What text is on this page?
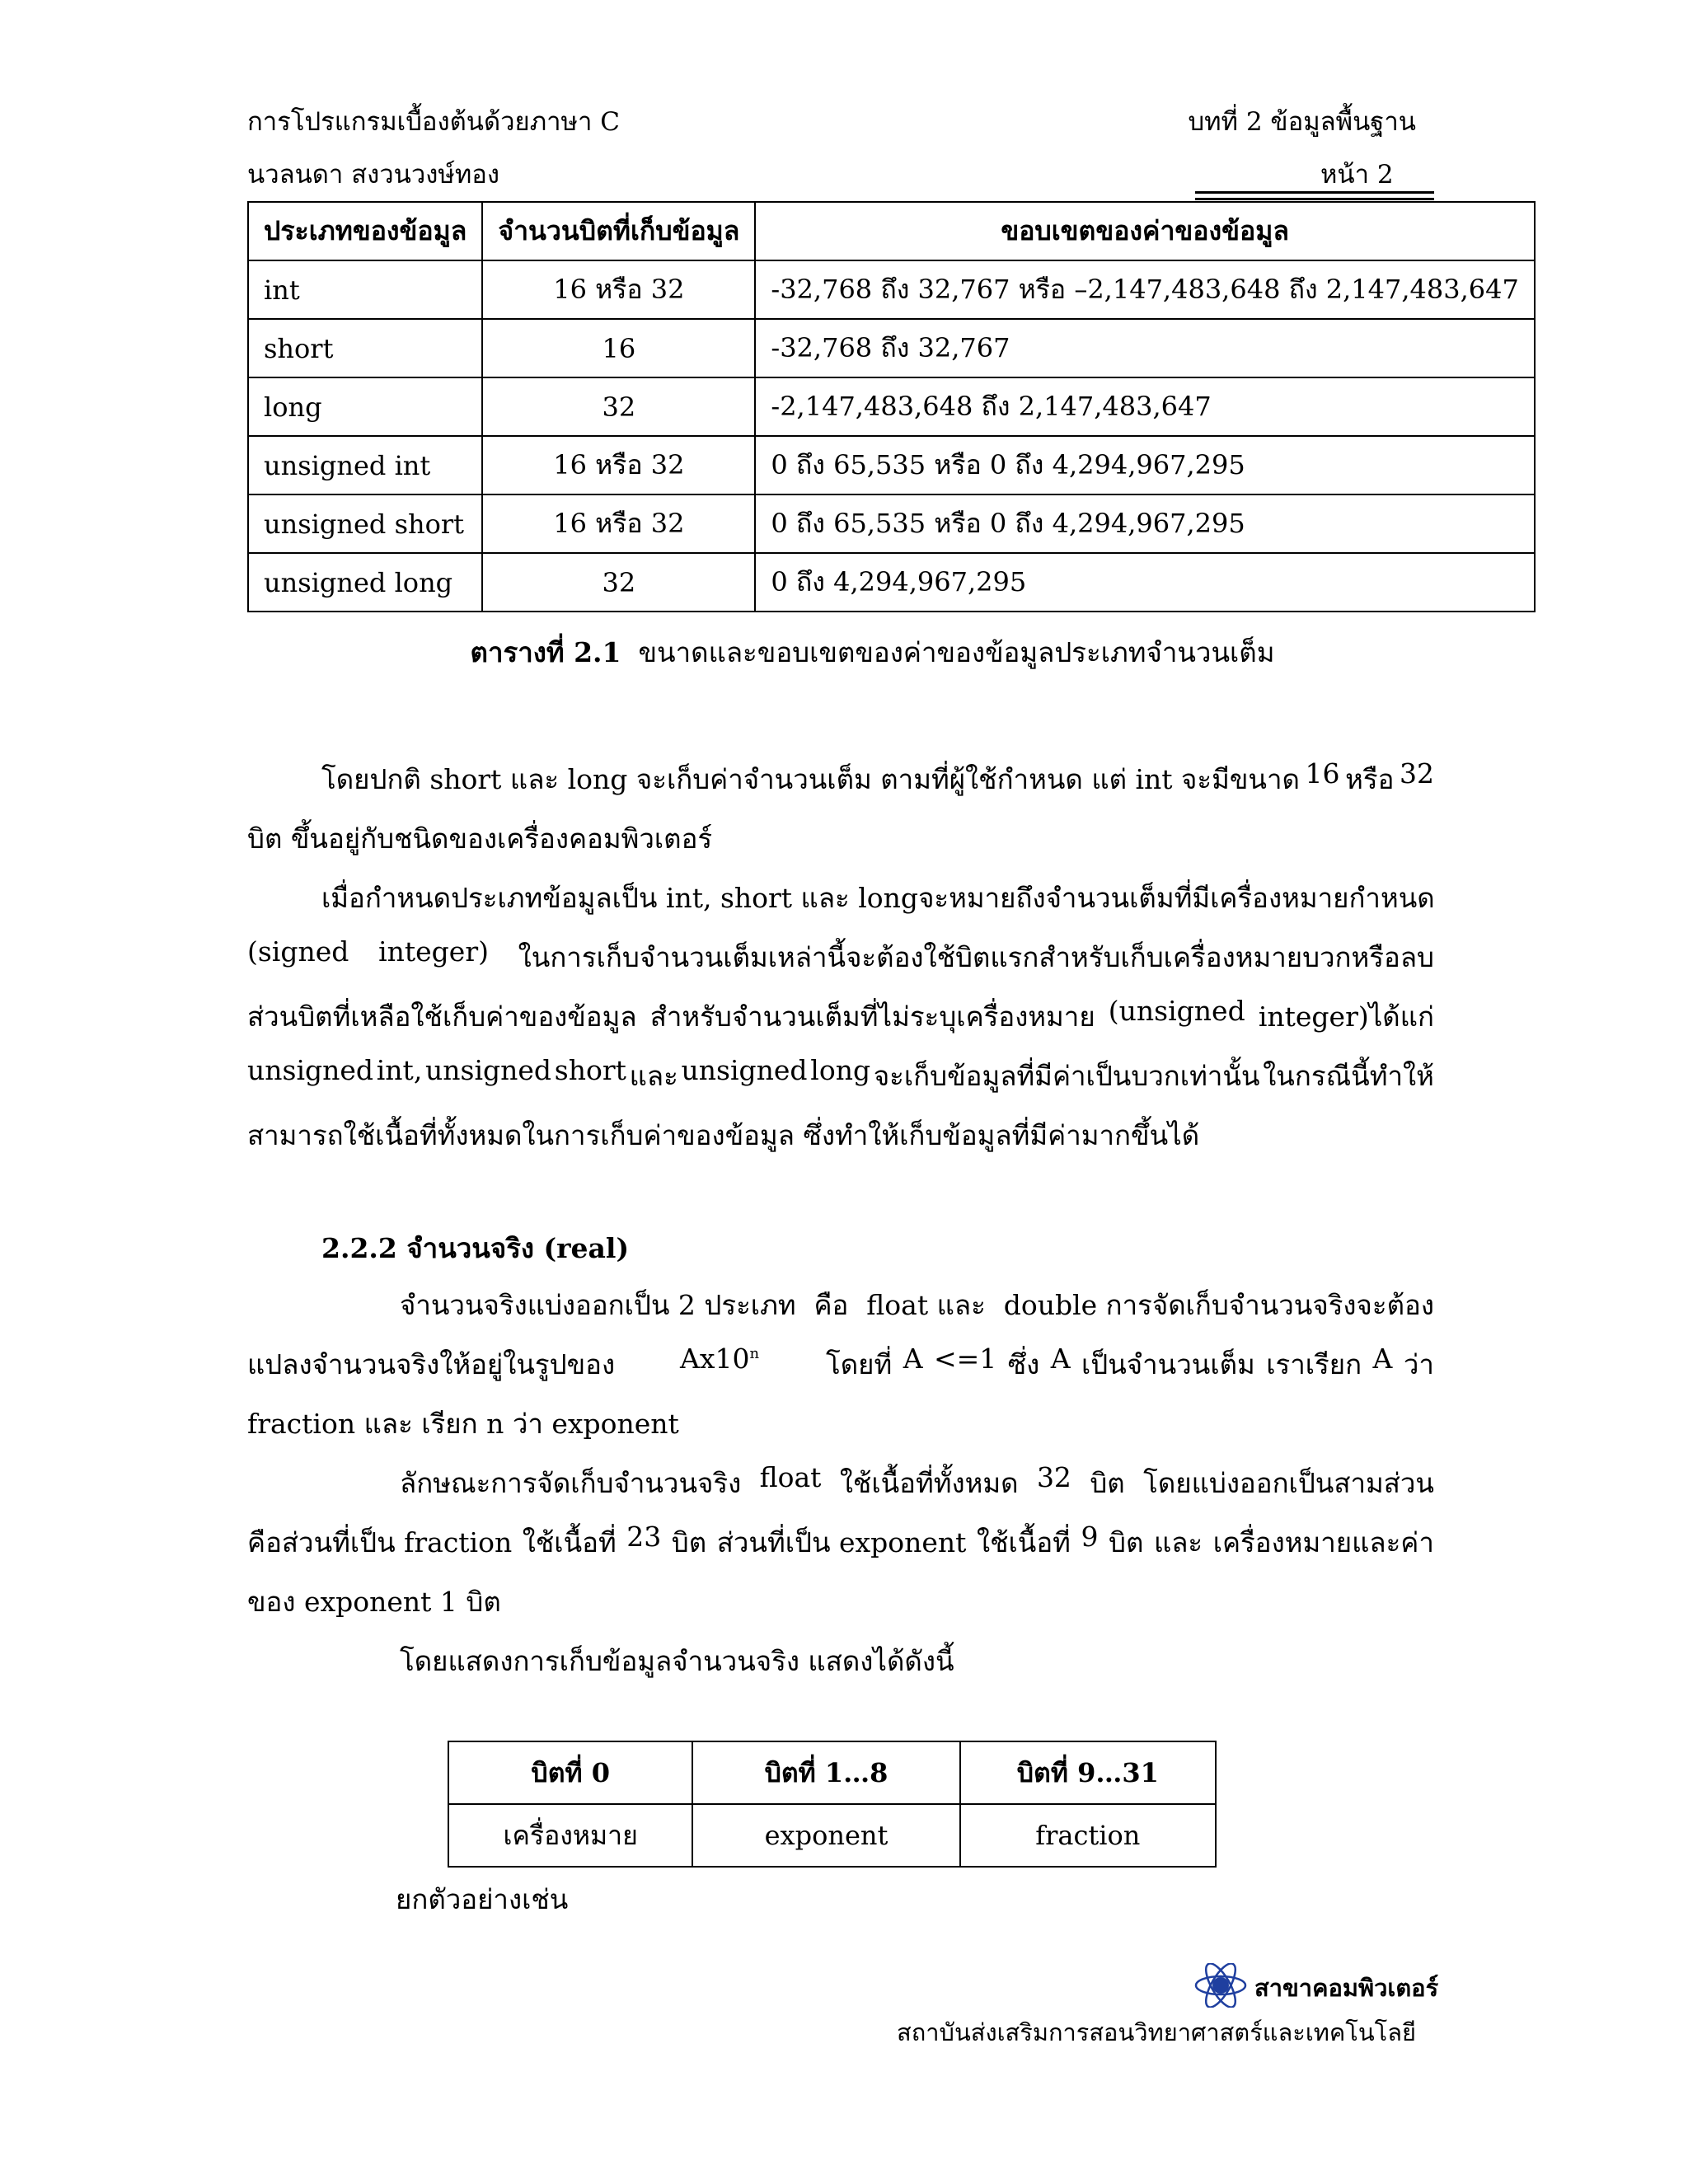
การโปรแกรมเบื้องต้นด้วยภาษา C
นวลนดา สงวนวงษ์ทอง
บทที่ 2 ข้อมูลพื้นฐาน
หน้า 2
ประเภทของข้อมูล	จำนวนบิตที่เก็บข้อมูล	ขอบเขตของค่าของข้อมูล
int	16 หรือ 32	-32,768 ถึง 32,767 หรือ –2,147,483,648 ถึง 2,147,483,647
short	16	-32,768 ถึง 32,767
long	32	-2,147,483,648 ถึง 2,147,483,647
unsigned int	16 หรือ 32	0 ถึง 65,535 หรือ 0 ถึง 4,294,967,295
unsigned short	16 หรือ 32	0 ถึง 65,535 หรือ 0 ถึง 4,294,967,295
unsigned long	32	0 ถึง 4,294,967,295
ตารางที่ 2.1 ขนาดและขอบเขตของค่าของข้อมูลประเภทจำนวนเต็ม
โดยปกติ short และ long จะเก็บค่าจำนวนเต็ม ตามที่ผู้ใช้กำหนด แต่ int จะมีขนาด 16 หรือ 32
บิต ขึ้นอยู่กับชนิดของเครื่องคอมพิวเตอร์
เมื่อกำหนดประเภทข้อมูลเป็น int, short และ long จะหมายถึงจำนวนเต็มที่มีเครื่องหมายกำหนด
(signed integer) ในการเก็บจำนวนเต็มเหล่านี้จะต้องใช้บิตแรกสำหรับเก็บเครื่องหมายบวกหรือลบ
ส่วนบิตที่เหลือใช้เก็บค่าของข้อมูล สำหรับจำนวนเต็มที่ไม่ระบุเครื่องหมาย (unsigned integer)ได้แก่
unsigned int, unsigned short และ unsigned long จะเก็บข้อมูลที่มีค่าเป็นบวกเท่านั้น ในกรณีนี้ทำให้
สามารถใช้เนื้อที่ทั้งหมดในการเก็บค่าของข้อมูล ซึ่งทำให้เก็บข้อมูลที่มีค่ามากขึ้นได้
2.2.2 จำนวนจริง (real)
จำนวนจริงแบ่งออกเป็น 2 ประเภท คือ float และ double การจัดเก็บจำนวนจริงจะต้อง
แปลงจำนวนจริงให้อยู่ในรูปของ Ax10$^n$ โดยที่ A <=1 ซึ่ง A เป็นจำนวนเต็ม เราเรียก A ว่า
fraction และ เรียก n ว่า exponent
ลักษณะการจัดเก็บจำนวนจริง float ใช้เนื้อที่ทั้งหมด 32 บิต โดยแบ่งออกเป็นสามส่วน
คือส่วนที่เป็น fraction ใช้เนื้อที่ 23 บิต ส่วนที่เป็น exponent ใช้เนื้อที่ 9 บิต และ เครื่องหมายและค่า
ของ exponent 1 บิต
โดยแสดงการเก็บข้อมูลจำนวนจริง แสดงได้ดังนี้
บิตที่ 0	บิตที่ 1…8	บิตที่ 9…31
เครื่องหมาย	exponent	fraction
ยกตัวอย่างเช่น
สาขาคอมพิวเตอร์
สถาบันส่งเสริมการสอนวิทยาศาสตร์และเทคโนโลยี
